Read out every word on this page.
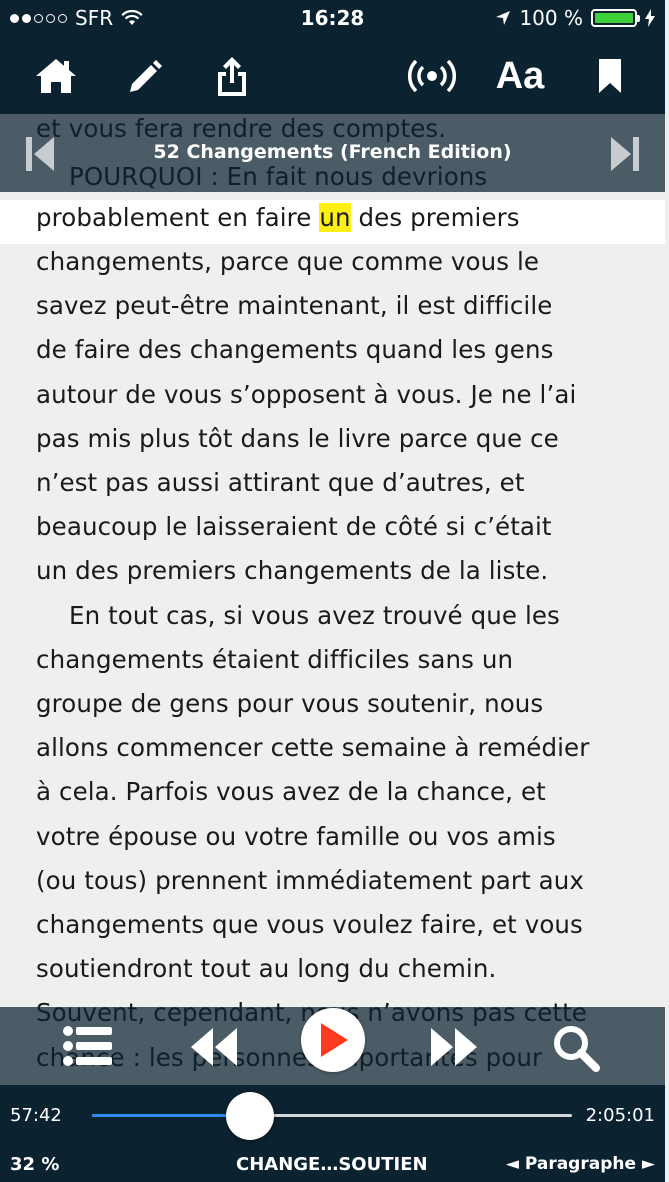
SFR	16:28	100 %
Aa
probablement en faire un des premiers
changements, parce que comme vous le
savez peut-être maintenant, il est difficile
de faire des changements quand les gens
autour de vous s’opposent à vous. Je ne l’ai
pas mis plus tôt dans le livre parce que ce
n’est pas aussi attirant que d’autres, et
beaucoup le laisseraient de côté si c’était
un des premiers changements de la liste.
En tout cas, si vous avez trouvé que les
changements étaient difficiles sans un
groupe de gens pour vous soutenir, nous
allons commencer cette semaine à remédier
à cela. Parfois vous avez de la chance, et
votre épouse ou votre famille ou vos amis
(ou tous) prennent immédiatement part aux
changements que vous voulez faire, et vous
soutiendront tout au long du chemin.
52 Changements (French Edition)
57:42	2:05:01
32 %	CHANGE…SOUTIEN	◄ Paragraphe ►
